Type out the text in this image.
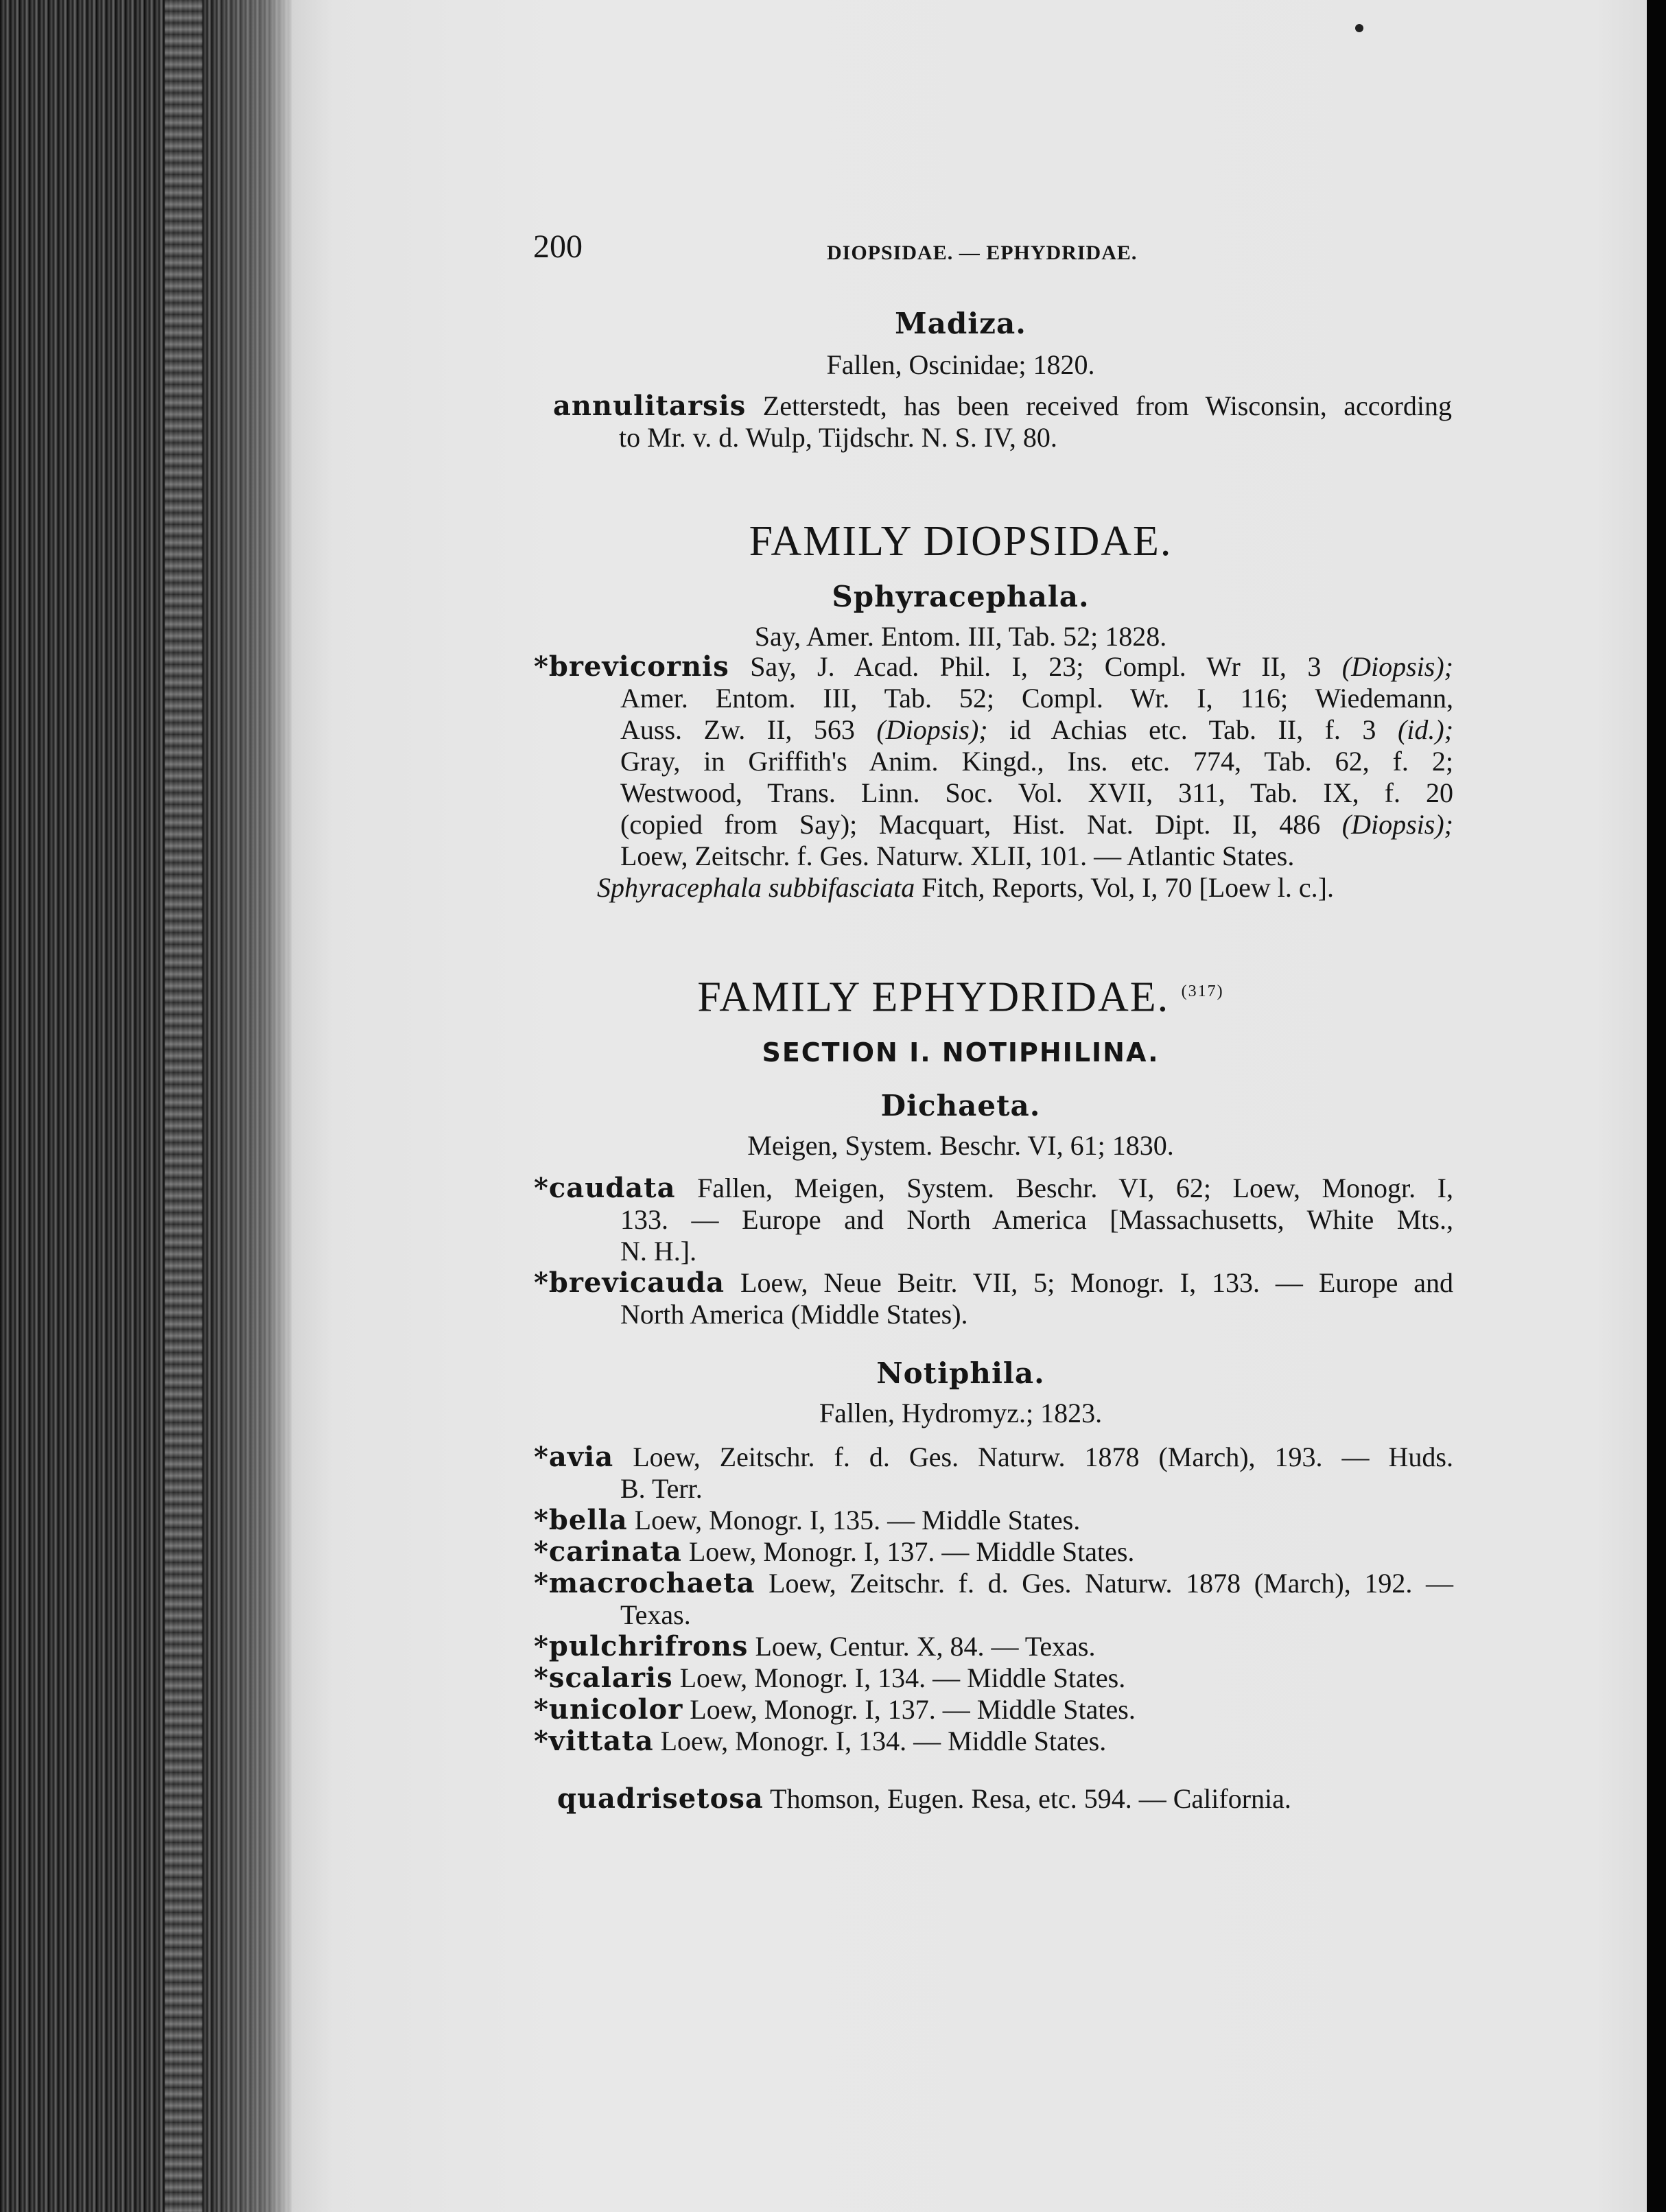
200	DIOPSIDAE. — EPHYDRIDAE.
Madiza.
Fallen, Oscinidae; 1820.
annulitarsis Zetterstedt, has been received from Wisconsin, according
to Mr. v. d. Wulp, Tijdschr. N. S. IV, 80.
FAMILY DIOPSIDAE.
Sphyracephala.
Say, Amer. Entom. III, Tab. 52; 1828.
*brevicornis Say, J. Acad. Phil. I, 23; Compl. Wr II, 3 (Diopsis);
Amer. Entom. III, Tab. 52; Compl. Wr. I, 116; Wiedemann,
Auss. Zw. II, 563 (Diopsis); id Achias etc. Tab. II, f. 3 (id.);
Gray, in Griffith's Anim. Kingd., Ins. etc. 774, Tab. 62, f. 2;
Westwood, Trans. Linn. Soc. Vol. XVII, 311, Tab. IX, f. 20
(copied from Say); Macquart, Hist. Nat. Dipt. II, 486 (Diopsis);
Loew, Zeitschr. f. Ges. Naturw. XLII, 101. — Atlantic States.
Sphyracephala subbifasciata Fitch, Reports, Vol, I, 70 [Loew l. c.].
FAMILY EPHYDRIDAE. $^{(317)}$
SECTION I. NOTIPHILINA.
Dichaeta.
Meigen, System. Beschr. VI, 61; 1830.
*caudata Fallen, Meigen, System. Beschr. VI, 62; Loew, Monogr. I,
133. — Europe and North America [Massachusetts, White Mts.,
N. H.].
*brevicauda Loew, Neue Beitr. VII, 5; Monogr. I, 133. — Europe and
North America (Middle States).
Notiphila.
Fallen, Hydromyz.; 1823.
*avia Loew, Zeitschr. f. d. Ges. Naturw. 1878 (March), 193. — Huds.
B. Terr.
*bella Loew, Monogr. I, 135. — Middle States.
*carinata Loew, Monogr. I, 137. — Middle States.
*macrochaeta Loew, Zeitschr. f. d. Ges. Naturw. 1878 (March), 192. —
Texas.
*pulchrifrons Loew, Centur. X, 84. — Texas.
*scalaris Loew, Monogr. I, 134. — Middle States.
*unicolor Loew, Monogr. I, 137. — Middle States.
*vittata Loew, Monogr. I, 134. — Middle States.
quadrisetosa Thomson, Eugen. Resa, etc. 594. — California.
